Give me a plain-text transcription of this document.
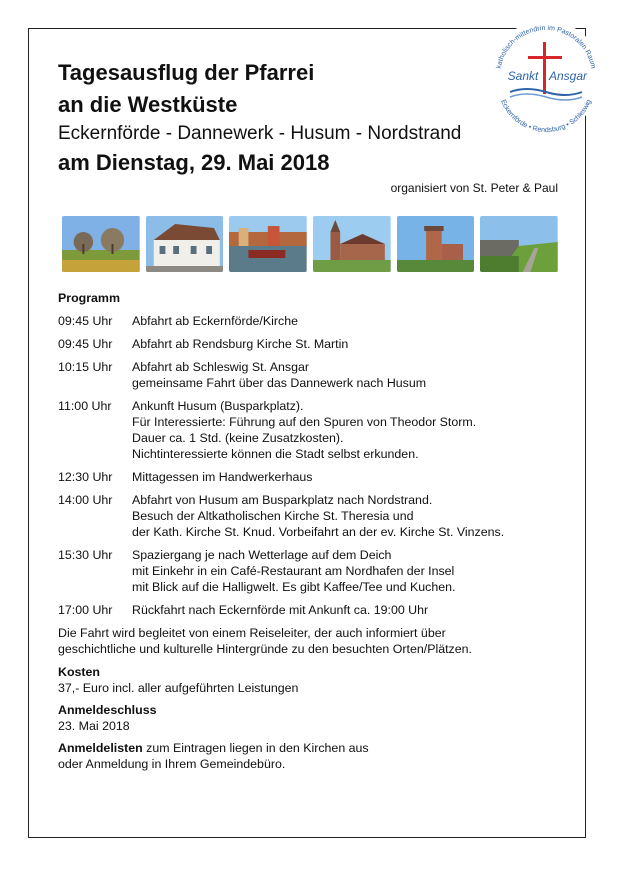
Tagesausflug der Pfarrei
an die Westküste
Eckernförde - Dannewerk - Husum - Nordstrand
am Dienstag, 29. Mai 2018
organisiert von St. Peter & Paul
katholisch-mittendrin im Pastoralen Raum
Eckernförde • Rendsburg • Schleswig
Sankt Ansgar

Programm

09:45 Uhr	Abfahrt ab Eckernförde/Kirche
09:45 Uhr	Abfahrt ab Rendsburg Kirche St. Martin
10:15 Uhr	Abfahrt ab Schleswig St. Ansgar
gemeinsame Fahrt über das Dannewerk nach Husum
11:00 Uhr	Ankunft Husum (Busparkplatz).
Für Interessierte: Führung auf den Spuren von Theodor Storm.
Dauer ca. 1 Std. (keine Zusatzkosten).
Nichtinteressierte können die Stadt selbst erkunden.
12:30 Uhr	Mittagessen im Handwerkerhaus
14:00 Uhr	Abfahrt von Husum am Busparkplatz nach Nordstrand.
Besuch der Altkatholischen Kirche St. Theresia und
der Kath. Kirche St. Knud. Vorbeifahrt an der ev. Kirche St. Vinzens.
15:30 Uhr	Spaziergang je nach Wetterlage auf dem Deich
mit Einkehr in ein Café-Restaurant am Nordhafen der Insel
mit Blick auf die Halligwelt. Es gibt Kaffee/Tee und Kuchen.
17:00 Uhr	Rückfahrt nach Eckernförde mit Ankunft ca. 19:00 Uhr

Die Fahrt wird begleitet von einem Reiseleiter, der auch informiert über
geschichtliche und kulturelle Hintergründe zu den besuchten Orten/Plätzen.

Kosten
37,- Euro incl. aller aufgeführten Leistungen
Anmeldeschluss
23. Mai 2018
Anmeldelisten zum Eintragen liegen in den Kirchen aus
oder Anmeldung in Ihrem Gemeindebüro.
